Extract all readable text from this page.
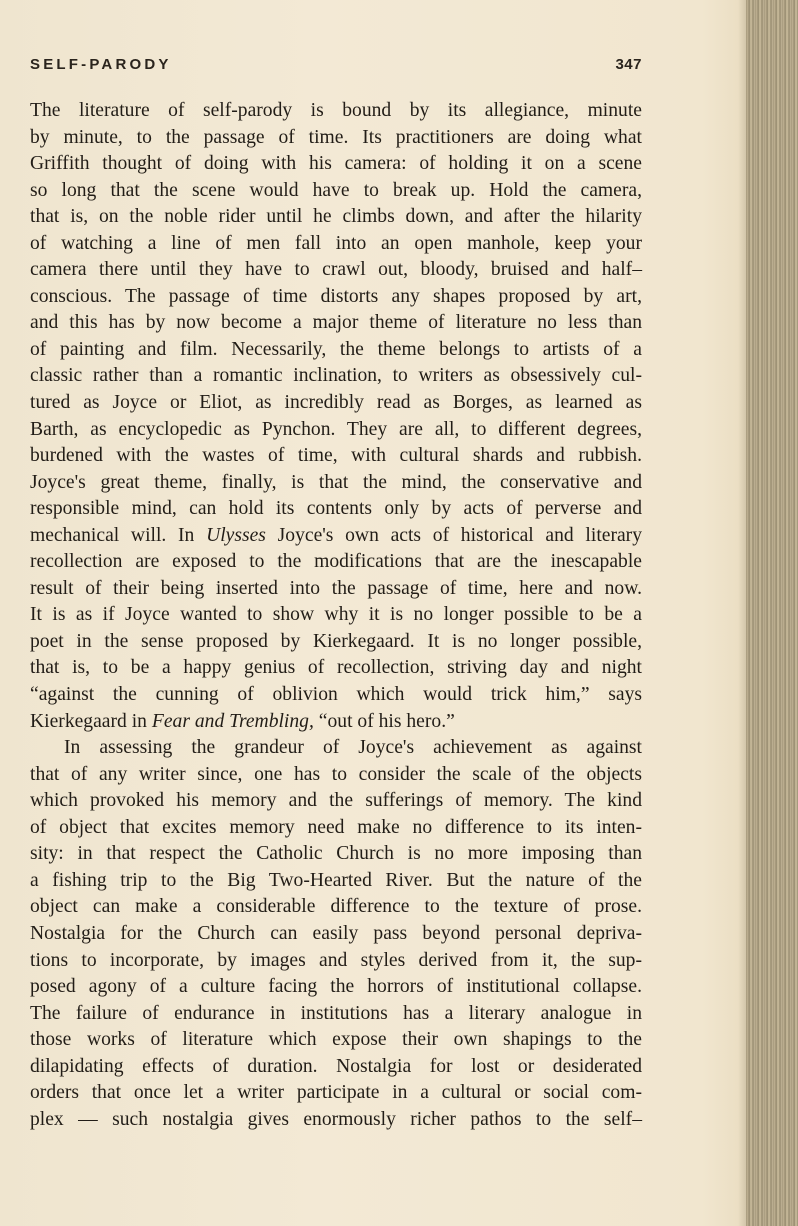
SELF-PARODY	347
The literature of self-parody is bound by its allegiance, minute
by minute, to the passage of time. Its practitioners are doing what
Griffith thought of doing with his camera: of holding it on a scene
so long that the scene would have to break up. Hold the camera,
that is, on the noble rider until he climbs down, and after the hilarity
of watching a line of men fall into an open manhole, keep your
camera there until they have to crawl out, bloody, bruised and half–
conscious. The passage of time distorts any shapes proposed by art,
and this has by now become a major theme of literature no less than
of painting and film. Necessarily, the theme belongs to artists of a
classic rather than a romantic inclination, to writers as obsessively cul-
tured as Joyce or Eliot, as incredibly read as Borges, as learned as
Barth, as encyclopedic as Pynchon. They are all, to different degrees,
burdened with the wastes of time, with cultural shards and rubbish.
Joyce's great theme, finally, is that the mind, the conservative and
responsible mind, can hold its contents only by acts of perverse and
mechanical will. In Ulysses Joyce's own acts of historical and literary
recollection are exposed to the modifications that are the inescapable
result of their being inserted into the passage of time, here and now.
It is as if Joyce wanted to show why it is no longer possible to be a
poet in the sense proposed by Kierkegaard. It is no longer possible,
that is, to be a happy genius of recollection, striving day and night
“against the cunning of oblivion which would trick him,” says
Kierkegaard in Fear and Trembling, “out of his hero.”
In assessing the grandeur of Joyce's achievement as against
that of any writer since, one has to consider the scale of the objects
which provoked his memory and the sufferings of memory. The kind
of object that excites memory need make no difference to its inten-
sity: in that respect the Catholic Church is no more imposing than
a fishing trip to the Big Two-Hearted River. But the nature of the
object can make a considerable difference to the texture of prose.
Nostalgia for the Church can easily pass beyond personal depriva-
tions to incorporate, by images and styles derived from it, the sup-
posed agony of a culture facing the horrors of institutional collapse.
The failure of endurance in institutions has a literary analogue in
those works of literature which expose their own shapings to the
dilapidating effects of duration. Nostalgia for lost or desiderated
orders that once let a writer participate in a cultural or social com-
plex — such nostalgia gives enormously richer pathos to the self–
